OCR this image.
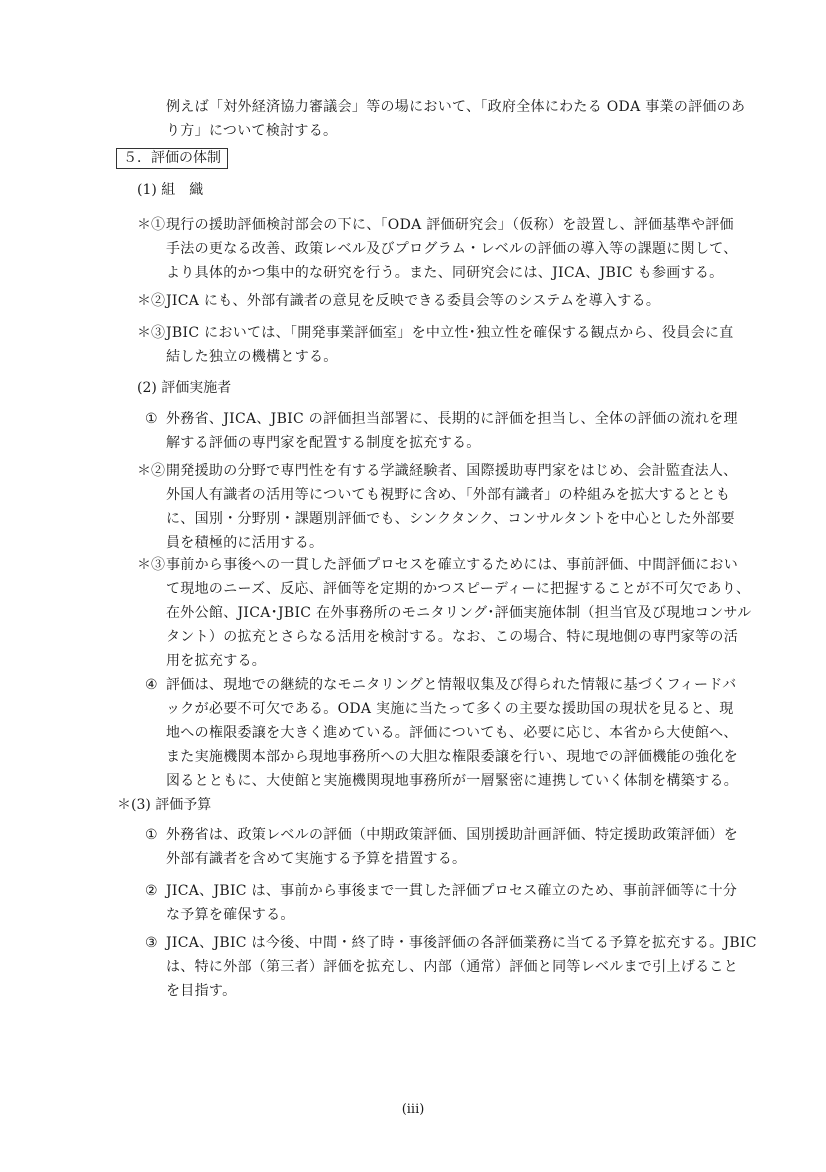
例えば「対外経済協力審議会」等の場において、「政府全体にわたる ODA 事業の評価のあ
り方」について検討する。
５．評価の体制
(1) 組　織
＊① 現行の援助評価検討部会の下に、「ODA 評価研究会」（仮称）を設置し、評価基準や評価
手法の更なる改善、政策レベル及びプログラム・レベルの評価の導入等の課題に関して、
より具体的かつ集中的な研究を行う。また、同研究会には、JICA、JBIC も参画する。
＊② JICA にも、外部有識者の意見を反映できる委員会等のシステムを導入する。
＊③ JBIC においては、「開発事業評価室」を中立性･独立性を確保する観点から、役員会に直
結した独立の機構とする。
(2) 評価実施者
① 外務省、JICA、JBIC の評価担当部署に、長期的に評価を担当し、全体の評価の流れを理
解する評価の専門家を配置する制度を拡充する。
＊② 開発援助の分野で専門性を有する学識経験者、国際援助専門家をはじめ、会計監査法人、
外国人有識者の活用等についても視野に含め、「外部有識者」の枠組みを拡大するととも
に、国別・分野別・課題別評価でも、シンクタンク、コンサルタントを中心とした外部要
員を積極的に活用する。
＊③ 事前から事後への一貫した評価プロセスを確立するためには、事前評価、中間評価におい
て現地のニーズ、反応、評価等を定期的かつスピーディーに把握することが不可欠であり、
在外公館、JICA･JBIC 在外事務所のモニタリング･評価実施体制（担当官及び現地コンサル
タント）の拡充とさらなる活用を検討する。なお、この場合、特に現地側の専門家等の活
用を拡充する。
④ 評価は、現地での継続的なモニタリングと情報収集及び得られた情報に基づくフィードバ
ックが必要不可欠である。ODA 実施に当たって多くの主要な援助国の現状を見ると、現
地への権限委譲を大きく進めている。評価についても、必要に応じ、本省から大使館へ、
また実施機関本部から現地事務所への大胆な権限委譲を行い、現地での評価機能の強化を
図るとともに、大使館と実施機関現地事務所が一層緊密に連携していく体制を構築する。
＊(3) 評価予算
① 外務省は、政策レベルの評価（中期政策評価、国別援助計画評価、特定援助政策評価）を
外部有識者を含めて実施する予算を措置する。
② JICA、JBIC は、事前から事後まで一貫した評価プロセス確立のため、事前評価等に十分
な予算を確保する。
③ JICA、JBIC は今後、中間・終了時・事後評価の各評価業務に当てる予算を拡充する。JBIC
は、特に外部（第三者）評価を拡充し、内部（通常）評価と同等レベルまで引上げること
を目指す。
(iii)
